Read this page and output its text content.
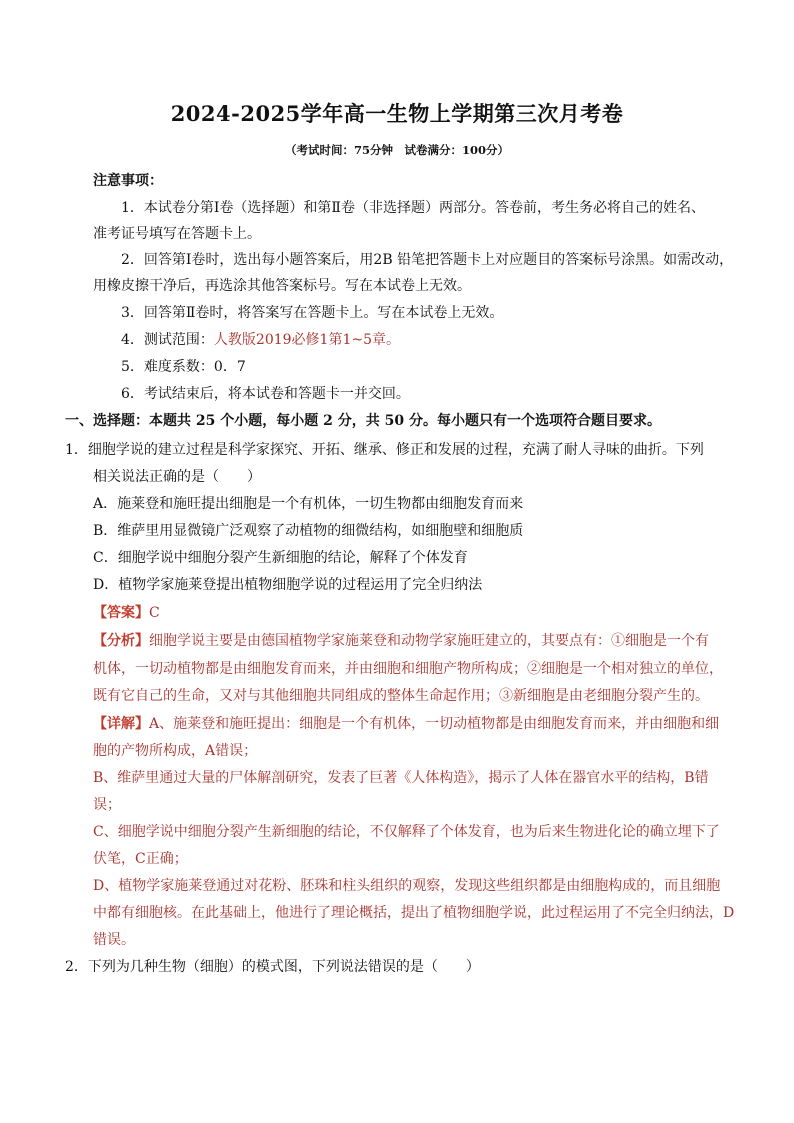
2024-2025学年高一生物上学期第三次月考卷
（考试时间：75分钟　试卷满分：100分）
注意事项：
1．本试卷分第Ⅰ卷（选择题）和第Ⅱ卷（非选择题）两部分。答卷前，考生务必将自己的姓名、
准考证号填写在答题卡上。
2．回答第Ⅰ卷时，选出每小题答案后，用2B 铅笔把答题卡上对应题目的答案标号涂黑。如需改动，
用橡皮擦干净后，再选涂其他答案标号。写在本试卷上无效。
3．回答第Ⅱ卷时，将答案写在答题卡上。写在本试卷上无效。
4．测试范围：人教版2019必修1第1~5章。
5．难度系数：0．7
6．考试结束后，将本试卷和答题卡一并交回。
一、选择题：本题共 25 个小题，每小题 2 分，共 50 分。每小题只有一个选项符合题目要求。
1．细胞学说的建立过程是科学家探究、开拓、继承、修正和发展的过程，充满了耐人寻味的曲折。下列
相关说法正确的是（　　）
A．施莱登和施旺提出细胞是一个有机体，一切生物都由细胞发育而来
B．维萨里用显微镜广泛观察了动植物的细微结构，如细胞壁和细胞质
C．细胞学说中细胞分裂产生新细胞的结论，解释了个体发育
D．植物学家施莱登提出植物细胞学说的过程运用了完全归纳法
【答案】C
【分析】细胞学说主要是由德国植物学家施莱登和动物学家施旺建立的，其要点有：①细胞是一个有
机体，一切动植物都是由细胞发育而来，并由细胞和细胞产物所构成；②细胞是一个相对独立的单位，
既有它自己的生命，又对与其他细胞共同组成的整体生命起作用；③新细胞是由老细胞分裂产生的。
【详解】A、施莱登和施旺提出：细胞是一个有机体，一切动植物都是由细胞发育而来，并由细胞和细
胞的产物所构成，A错误；
B、维萨里通过大量的尸体解剖研究，发表了巨著《人体构造》，揭示了人体在器官水平的结构，B错
误；
C、细胞学说中细胞分裂产生新细胞的结论，不仅解释了个体发育，也为后来生物进化论的确立埋下了
伏笔，C正确；
D、植物学家施莱登通过对花粉、胚珠和柱头组织的观察，发现这些组织都是由细胞构成的，而且细胞
中都有细胞核。在此基础上，他进行了理论概括，提出了植物细胞学说，此过程运用了不完全归纳法，D
错误。
2．下列为几种生物（细胞）的模式图，下列说法错误的是（　　）
